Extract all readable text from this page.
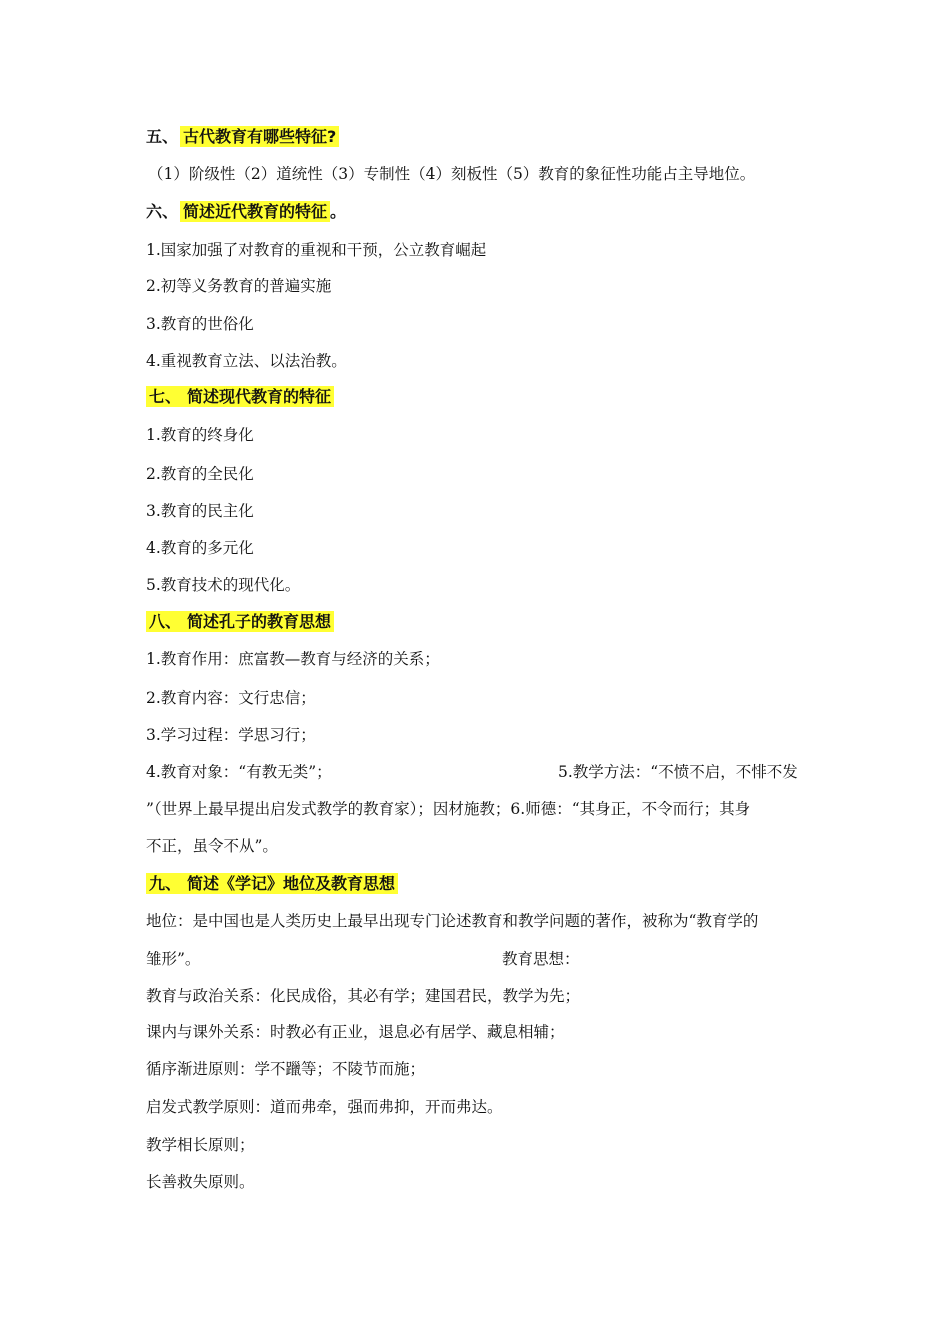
五、 古代教育有哪些特征?
（1）阶级性（2）道统性（3）专制性（4）刻板性（5）教育的象征性功能占主导地位。
六、 简述近代教育的特征 。
1.国家加强了对教育的重视和干预，公立教育崛起
2.初等义务教育的普遍实施
3.教育的世俗化
4.重视教育立法、以法治教。
七、 简述现代教育的特征
1.教育的终身化
2.教育的全民化
3.教育的民主化
4.教育的多元化
5.教育技术的现代化。
八、 简述孔子的教育思想
1.教育作用：庶富教—教育与经济的关系；
2.教育内容：文行忠信；
3.学习过程：学思习行；
4.教育对象：“有教无类”；	5.教学方法：“不愤不启，不悱不发
”（世界上最早提出启发式教学的教育家）；因材施教；6.师德：“其身正，不令而行；其身
不正，虽令不从”。
九、 简述《学记》地位及教育思想
地位：是中国也是人类历史上最早出现专门论述教育和教学问题的著作，被称为“教育学的
雏形”。	教育思想：
教育与政治关系：化民成俗，其必有学；建国君民，教学为先；
课内与课外关系：时教必有正业，退息必有居学、藏息相辅；
循序渐进原则：学不躐等；不陵节而施；
启发式教学原则：道而弗牵，强而弗抑，开而弗达。
教学相长原则；
长善救失原则。
